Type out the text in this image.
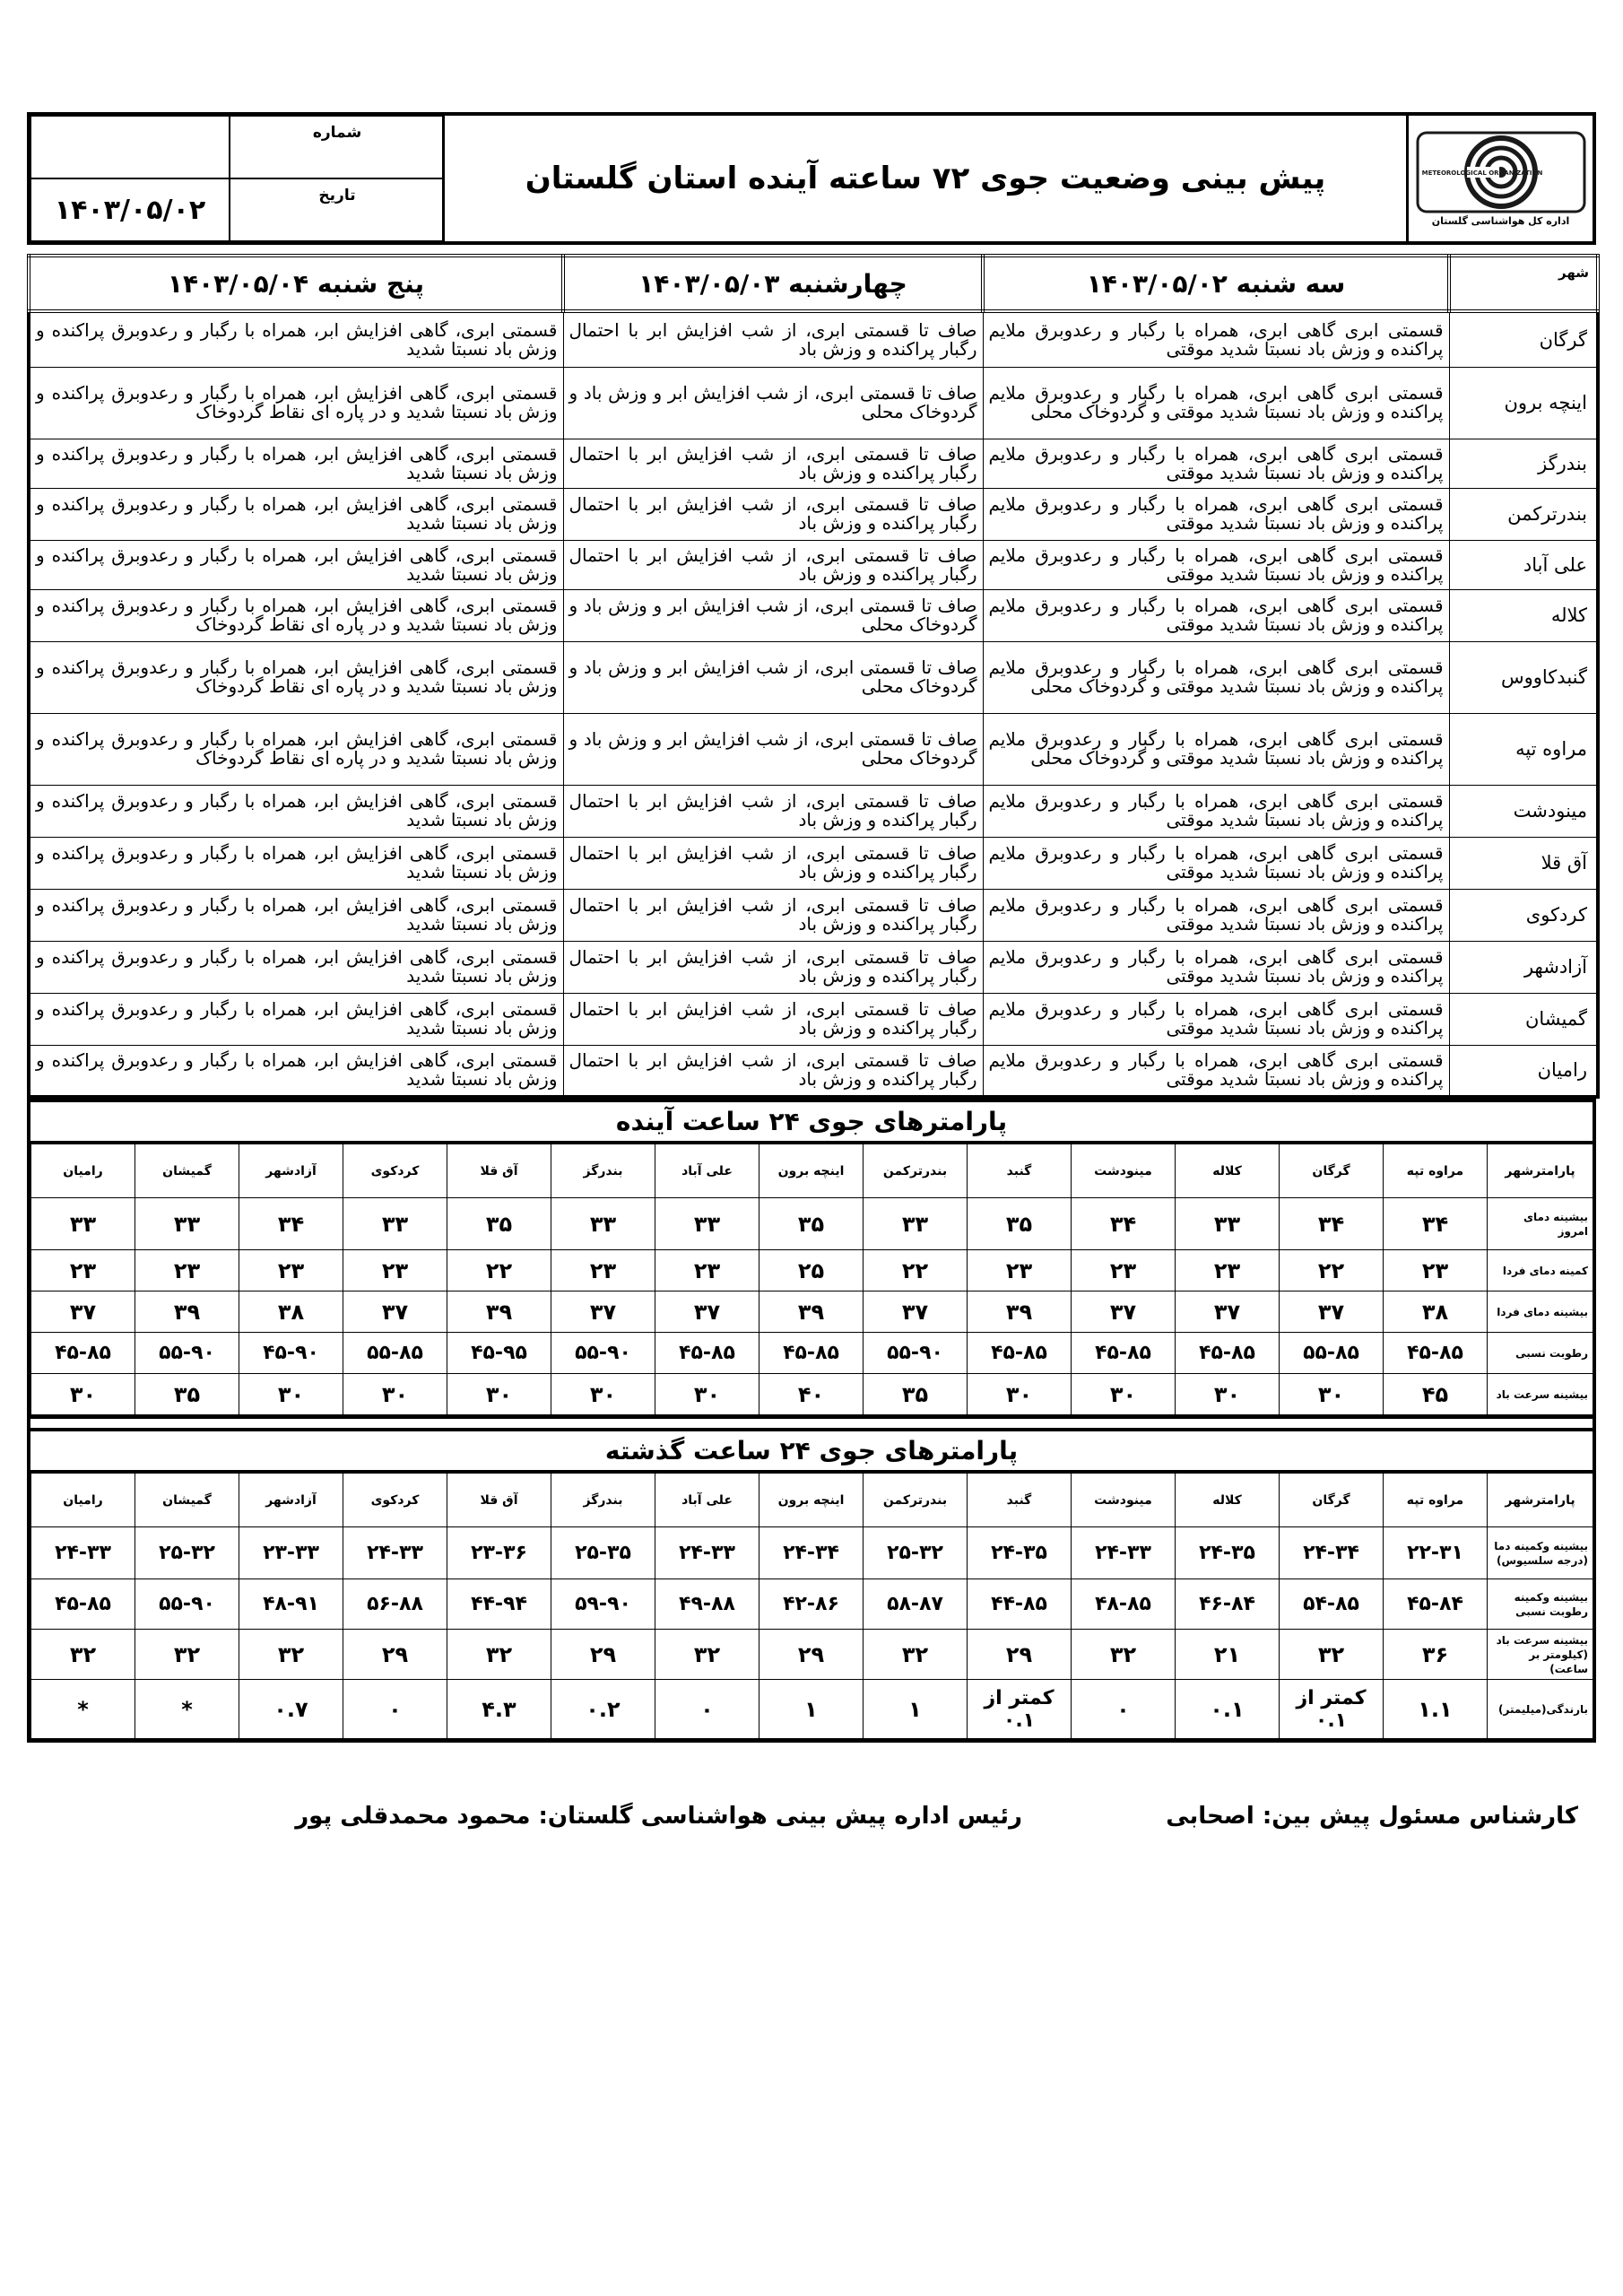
شماره
۱۴۰۳/۰۵/۰۲	تاریخ	پیش بینی وضعیت جوی ۷۲ ساعته آینده استان گلستان	METEOROLOGICAL ORGANIZATION
اداره کل هواشناسی گلستان
شهر	سه شنبه ۱۴۰۳/۰۵/۰۲	چهارشنبه ۱۴۰۳/۰۵/۰۳	پنج شنبه ۱۴۰۳/۰۵/۰۴
گرگان	قسمتی ابری گاهی ابری، همراه با رگبار و رعدوبرق ملایم پراکنده و وزش باد نسبتا شدید موقتی	صاف تا قسمتی ابری، از شب افزایش ابر با احتمال رگبار پراکنده و وزش باد	قسمتی ابری، گاهی افزایش ابر، همراه با رگبار و رعدوبرق پراکنده و وزش باد نسبتا شدید
اینچه برون	قسمتی ابری گاهی ابری، همراه با رگبار و رعدوبرق ملایم پراکنده و وزش باد نسبتا شدید موقتی و گردوخاک محلی	صاف تا قسمتی ابری، از شب افزایش ابر و وزش باد و گردوخاک محلی	قسمتی ابری، گاهی افزایش ابر، همراه با رگبار و رعدوبرق پراکنده و وزش باد نسبتا شدید و در پاره ای نقاط گردوخاک
بندرگز	قسمتی ابری گاهی ابری، همراه با رگبار و رعدوبرق ملایم پراکنده و وزش باد نسبتا شدید موقتی	صاف تا قسمتی ابری، از شب افزایش ابر با احتمال رگبار پراکنده و وزش باد	قسمتی ابری، گاهی افزایش ابر، همراه با رگبار و رعدوبرق پراکنده و وزش باد نسبتا شدید
بندرترکمن	قسمتی ابری گاهی ابری، همراه با رگبار و رعدوبرق ملایم پراکنده و وزش باد نسبتا شدید موقتی	صاف تا قسمتی ابری، از شب افزایش ابر با احتمال رگبار پراکنده و وزش باد	قسمتی ابری، گاهی افزایش ابر، همراه با رگبار و رعدوبرق پراکنده و وزش باد نسبتا شدید
علی آباد	قسمتی ابری گاهی ابری، همراه با رگبار و رعدوبرق ملایم پراکنده و وزش باد نسبتا شدید موقتی	صاف تا قسمتی ابری، از شب افزایش ابر با احتمال رگبار پراکنده و وزش باد	قسمتی ابری، گاهی افزایش ابر، همراه با رگبار و رعدوبرق پراکنده و وزش باد نسبتا شدید
کلاله	قسمتی ابری گاهی ابری، همراه با رگبار و رعدوبرق ملایم پراکنده و وزش باد نسبتا شدید موقتی	صاف تا قسمتی ابری، از شب افزایش ابر و وزش باد و گردوخاک محلی	قسمتی ابری، گاهی افزایش ابر، همراه با رگبار و رعدوبرق پراکنده و وزش باد نسبتا شدید و در پاره ای نقاط گردوخاک
گنبدکاووس	قسمتی ابری گاهی ابری، همراه با رگبار و رعدوبرق ملایم پراکنده و وزش باد نسبتا شدید موقتی و گردوخاک محلی	صاف تا قسمتی ابری، از شب افزایش ابر و وزش باد و گردوخاک محلی	قسمتی ابری، گاهی افزایش ابر، همراه با رگبار و رعدوبرق پراکنده و وزش باد نسبتا شدید و در پاره ای نقاط گردوخاک
مراوه تپه	قسمتی ابری گاهی ابری، همراه با رگبار و رعدوبرق ملایم پراکنده و وزش باد نسبتا شدید موقتی و گردوخاک محلی	صاف تا قسمتی ابری، از شب افزایش ابر و وزش باد و گردوخاک محلی	قسمتی ابری، گاهی افزایش ابر، همراه با رگبار و رعدوبرق پراکنده و وزش باد نسبتا شدید و در پاره ای نقاط گردوخاک
مینودشت	قسمتی ابری گاهی ابری، همراه با رگبار و رعدوبرق ملایم پراکنده و وزش باد نسبتا شدید موقتی	صاف تا قسمتی ابری، از شب افزایش ابر با احتمال رگبار پراکنده و وزش باد	قسمتی ابری، گاهی افزایش ابر، همراه با رگبار و رعدوبرق پراکنده و وزش باد نسبتا شدید
آق قلا	قسمتی ابری گاهی ابری، همراه با رگبار و رعدوبرق ملایم پراکنده و وزش باد نسبتا شدید موقتی	صاف تا قسمتی ابری، از شب افزایش ابر با احتمال رگبار پراکنده و وزش باد	قسمتی ابری، گاهی افزایش ابر، همراه با رگبار و رعدوبرق پراکنده و وزش باد نسبتا شدید
کردکوی	قسمتی ابری گاهی ابری، همراه با رگبار و رعدوبرق ملایم پراکنده و وزش باد نسبتا شدید موقتی	صاف تا قسمتی ابری، از شب افزایش ابر با احتمال رگبار پراکنده و وزش باد	قسمتی ابری، گاهی افزایش ابر، همراه با رگبار و رعدوبرق پراکنده و وزش باد نسبتا شدید
آزادشهر	قسمتی ابری گاهی ابری، همراه با رگبار و رعدوبرق ملایم پراکنده و وزش باد نسبتا شدید موقتی	صاف تا قسمتی ابری، از شب افزایش ابر با احتمال رگبار پراکنده و وزش باد	قسمتی ابری، گاهی افزایش ابر، همراه با رگبار و رعدوبرق پراکنده و وزش باد نسبتا شدید
گمیشان	قسمتی ابری گاهی ابری، همراه با رگبار و رعدوبرق ملایم پراکنده و وزش باد نسبتا شدید موقتی	صاف تا قسمتی ابری، از شب افزایش ابر با احتمال رگبار پراکنده و وزش باد	قسمتی ابری، گاهی افزایش ابر، همراه با رگبار و رعدوبرق پراکنده و وزش باد نسبتا شدید
رامیان	قسمتی ابری گاهی ابری، همراه با رگبار و رعدوبرق ملایم پراکنده و وزش باد نسبتا شدید موقتی	صاف تا قسمتی ابری، از شب افزایش ابر با احتمال رگبار پراکنده و وزش باد	قسمتی ابری، گاهی افزایش ابر، همراه با رگبار و رعدوبرق پراکنده و وزش باد نسبتا شدید
پارامترهای جوی ۲۴ ساعت آینده
پارامترشهر	مراوه تپه	گرگان	کلاله	مینودشت	گنبد	بندرترکمن	اینچه برون	علی آباد	بندرگز	آق قلا	کردکوی	آزادشهر	گمیشان	رامیان
بیشینه دمای امروز	۳۴	۳۴	۳۳	۳۴	۳۵	۳۳	۳۵	۳۳	۳۳	۳۵	۳۳	۳۴	۳۳	۳۳
کمینه دمای فردا	۲۳	۲۲	۲۳	۲۳	۲۳	۲۲	۲۵	۲۳	۲۳	۲۲	۲۳	۲۳	۲۳	۲۳
بیشینه دمای فردا	۳۸	۳۷	۳۷	۳۷	۳۹	۳۷	۳۹	۳۷	۳۷	۳۹	۳۷	۳۸	۳۹	۳۷
رطوبت نسبی	۴۵-۸۵	۵۵-۸۵	۴۵-۸۵	۴۵-۸۵	۴۵-۸۵	۵۵-۹۰	۴۵-۸۵	۴۵-۸۵	۵۵-۹۰	۴۵-۹۵	۵۵-۸۵	۴۵-۹۰	۵۵-۹۰	۴۵-۸۵
بیشینه سرعت باد	۴۵	۳۰	۳۰	۳۰	۳۰	۳۵	۴۰	۳۰	۳۰	۳۰	۳۰	۳۰	۳۵	۳۰
پارامترهای جوی ۲۴ ساعت گذشته
پارامترشهر	مراوه تپه	گرگان	کلاله	مینودشت	گنبد	بندرترکمن	اینچه برون	علی آباد	بندرگز	آق قلا	کردکوی	آزادشهر	گمیشان	رامیان
بیشینه وکمینه دما (درجه سلسیوس)	۲۲-۳۱	۲۴-۳۴	۲۴-۳۵	۲۴-۳۳	۲۴-۳۵	۲۵-۳۲	۲۴-۳۴	۲۴-۳۳	۲۵-۳۵	۲۳-۳۶	۲۴-۳۳	۲۳-۳۳	۲۵-۳۲	۲۴-۳۳
بیشینه وکمینه رطوبت نسبی	۴۵-۸۴	۵۴-۸۵	۴۶-۸۴	۴۸-۸۵	۴۴-۸۵	۵۸-۸۷	۴۲-۸۶	۴۹-۸۸	۵۹-۹۰	۴۴-۹۴	۵۶-۸۸	۴۸-۹۱	۵۵-۹۰	۴۵-۸۵
بیشینه سرعت باد (کیلومتر بر ساعت)	۳۶	۳۲	۲۱	۳۲	۲۹	۳۲	۲۹	۳۲	۲۹	۳۲	۲۹	۳۲	۳۲	۳۲
بارندگی(میلیمتر)	۱.۱	کمتر از ۰.۱	۰.۱	۰	کمتر از ۰.۱	۱	۱	۰	۰.۲	۴.۳	۰	۰.۷	*	*
کارشناس مسئول پیش بین: اصحابی
رئیس اداره پیش بینی هواشناسی گلستان: محمود محمدقلی پور
